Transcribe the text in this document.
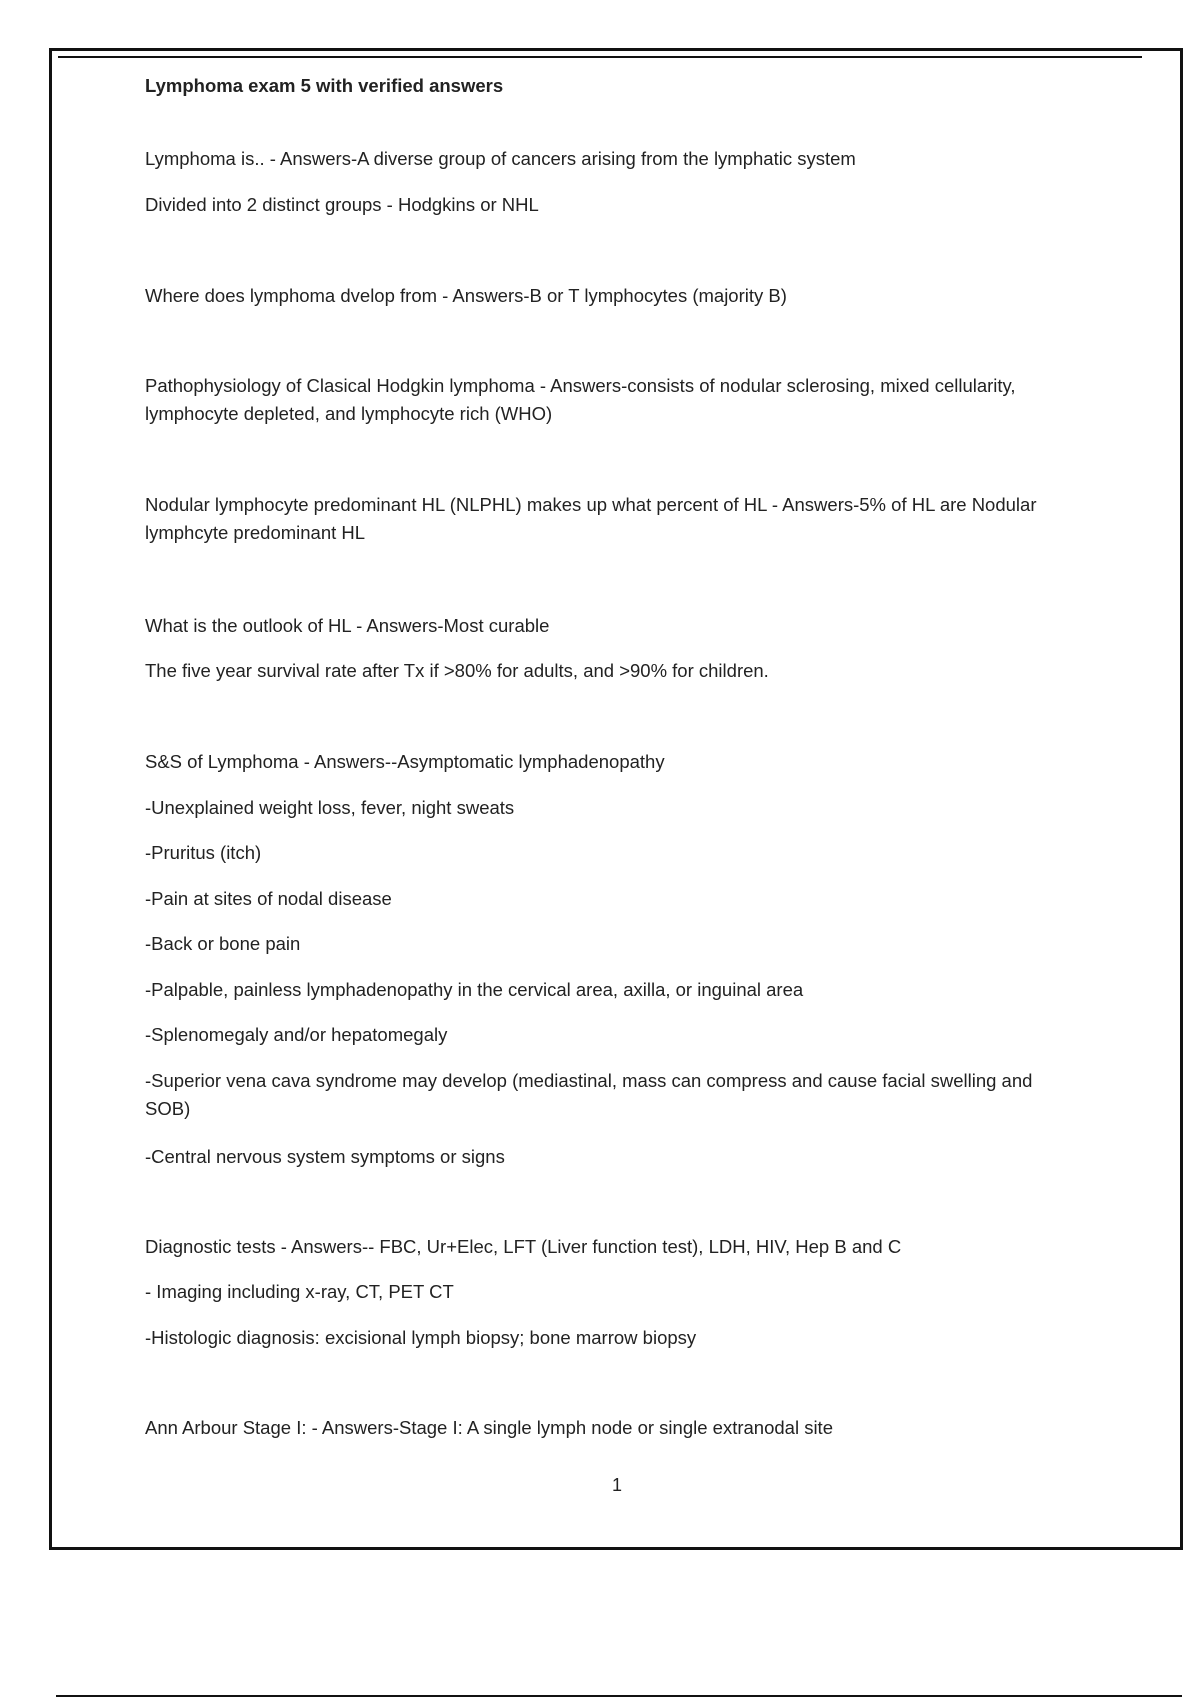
Lymphoma exam 5 with verified answers
Lymphoma is.. - Answers-A diverse group of cancers arising from the lymphatic system
Divided into 2 distinct groups - Hodgkins or NHL
Where does lymphoma dvelop from - Answers-B or T lymphocytes (majority B)
Pathophysiology of Clasical Hodgkin lymphoma - Answers-consists of nodular sclerosing, mixed cellularity, lymphocyte depleted, and lymphocyte rich (WHO)
Nodular lymphocyte predominant HL (NLPHL) makes up what percent of HL - Answers-5% of HL are Nodular lymphcyte predominant HL
What is the outlook of HL - Answers-Most curable
The five year survival rate after Tx if >80% for adults, and >90% for children.
S&S of Lymphoma - Answers--Asymptomatic lymphadenopathy
-Unexplained weight loss, fever, night sweats
-Pruritus (itch)
-Pain at sites of nodal disease
-Back or bone pain
-Palpable, painless lymphadenopathy in the cervical area, axilla, or inguinal area
-Splenomegaly and/or hepatomegaly
-Superior vena cava syndrome may develop (mediastinal, mass can compress and cause facial swelling and SOB)
-Central nervous system symptoms or signs
Diagnostic tests - Answers-- FBC, Ur+Elec, LFT (Liver function test), LDH, HIV, Hep B and C
- Imaging including x-ray, CT, PET CT
-Histologic diagnosis: excisional lymph biopsy; bone marrow biopsy
Ann Arbour Stage I: - Answers-Stage I: A single lymph node or single extranodal site
1
